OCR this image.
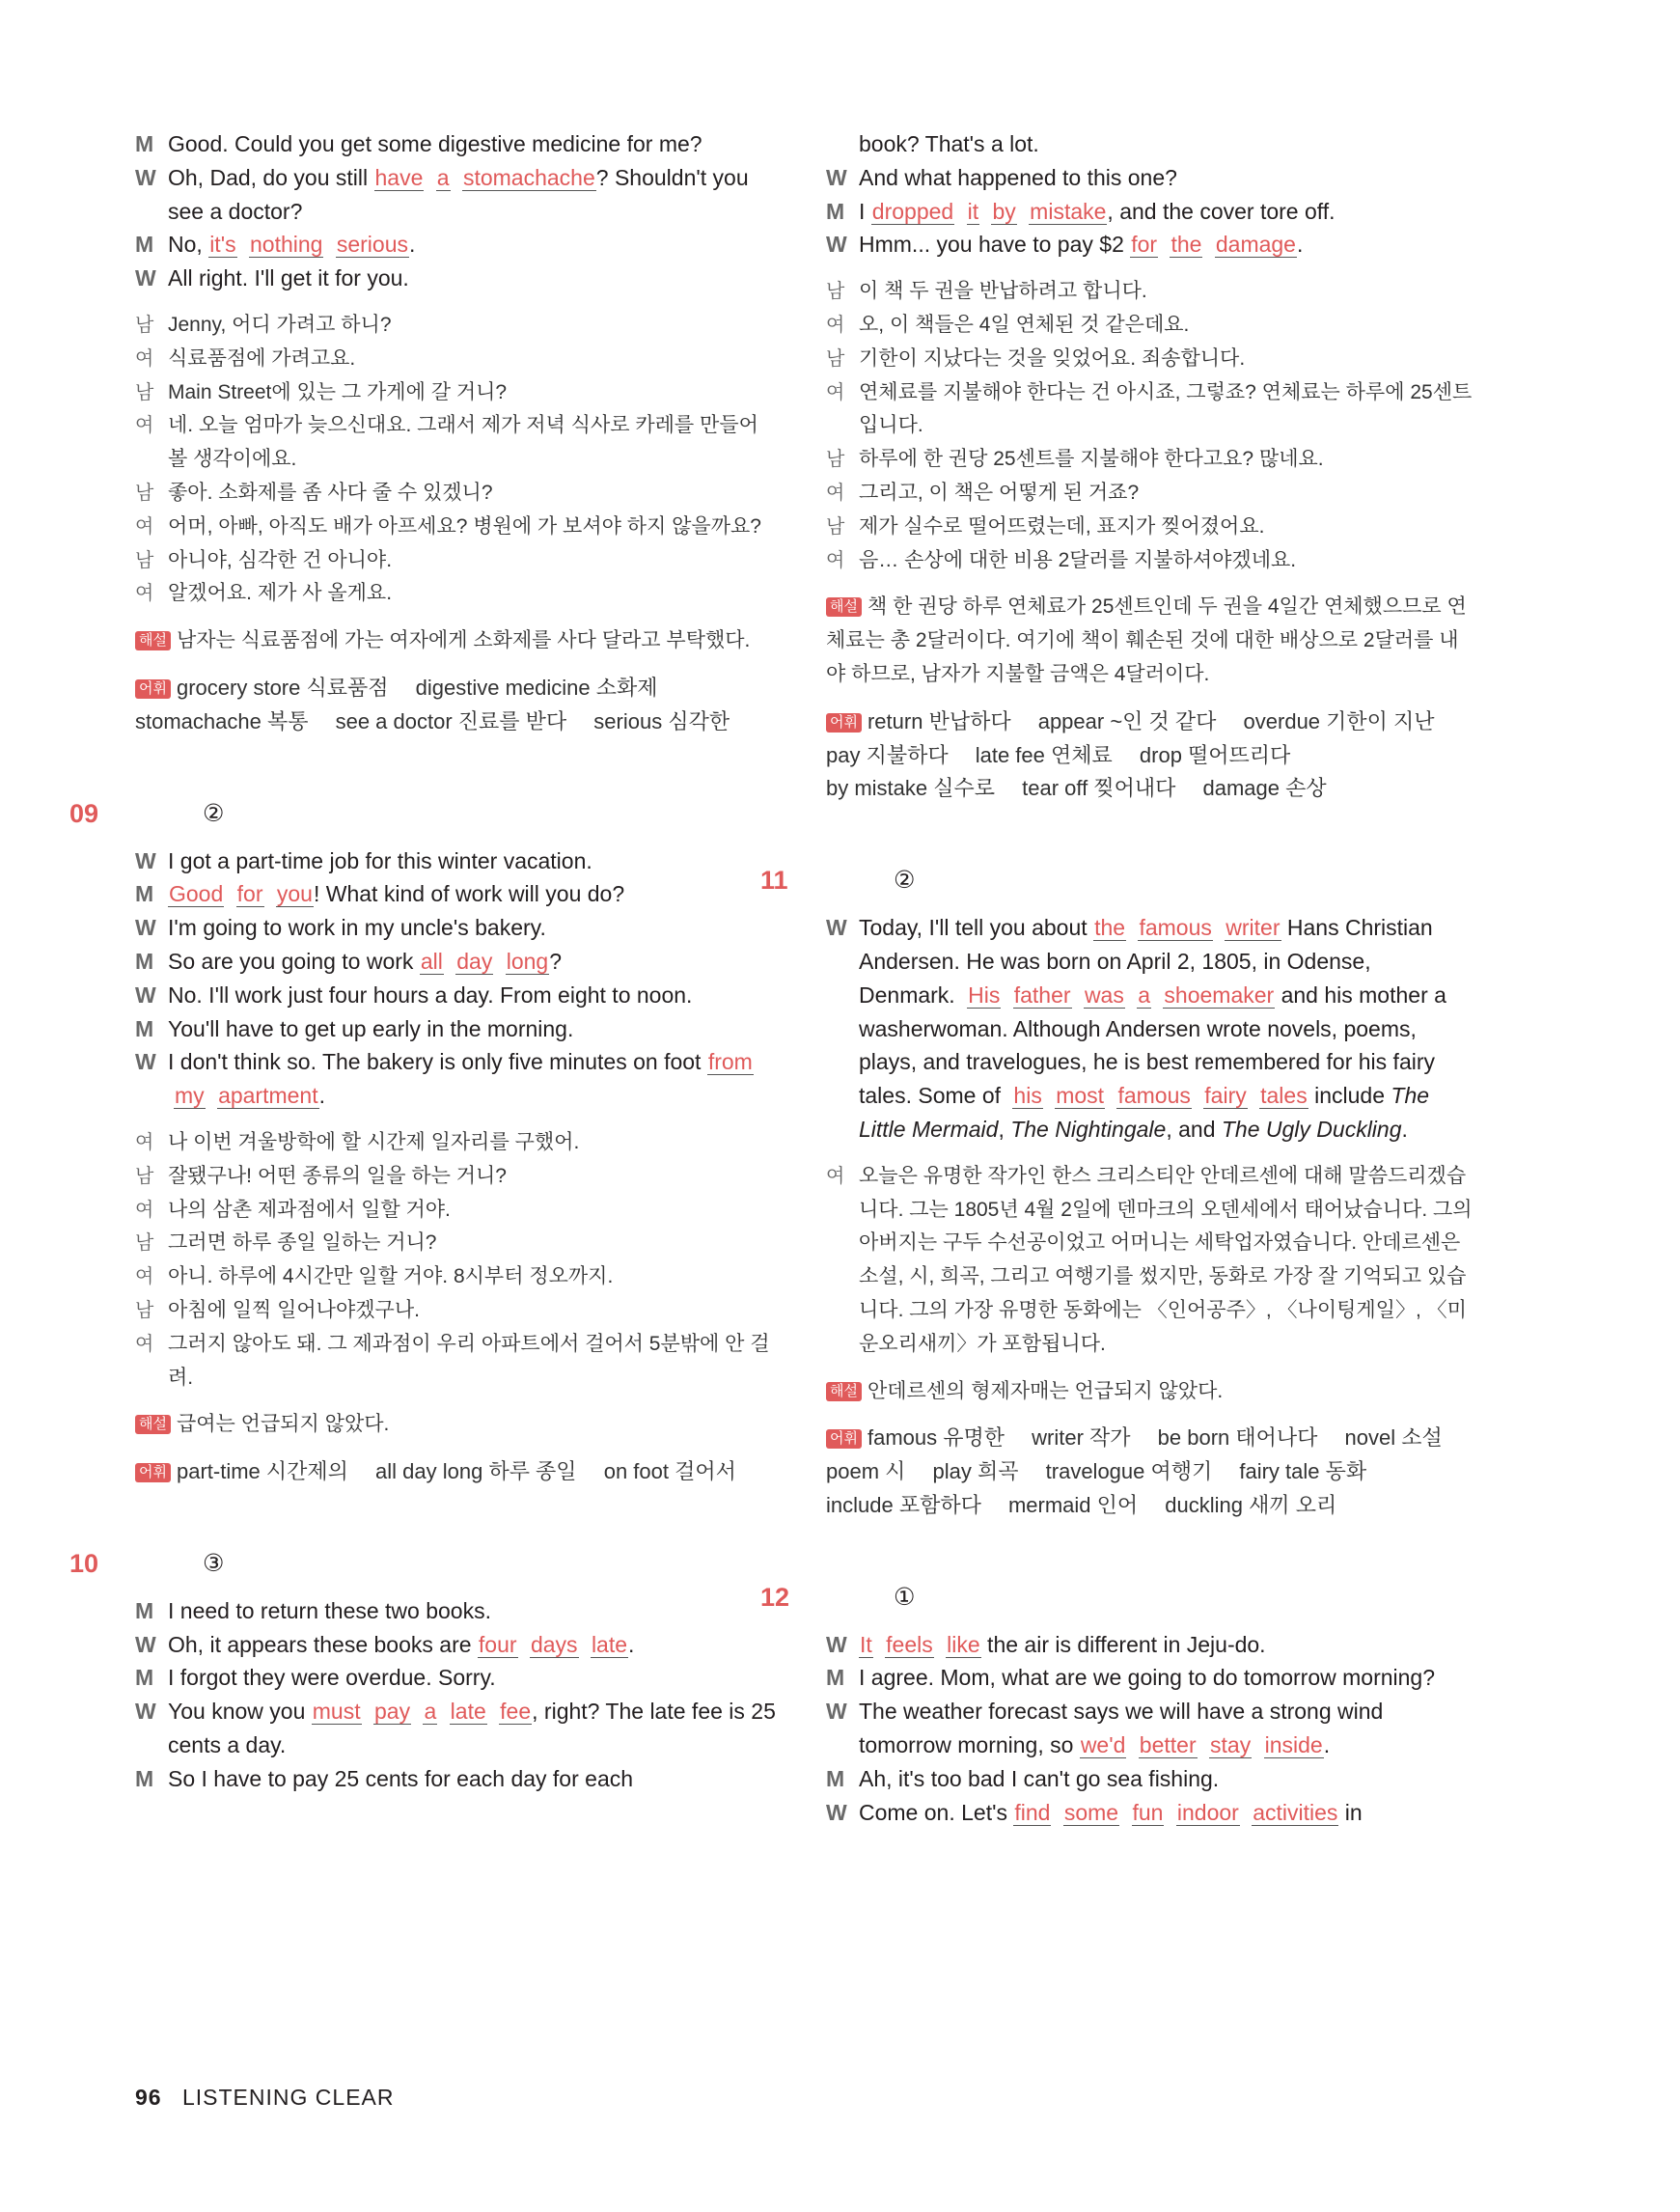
M Good. Could you get some digestive medicine for me?
W Oh, Dad, do you still have a stomachache? Shouldn't you see a doctor?
M No, it's nothing serious.
W All right. I'll get it for you.
남 Jenny, 어디 가려고 하니?
여 식료품점에 가려고요.
남 Main Street에 있는 그 가게에 갈 거니?
여 네. 오늘 엄마가 늦으신대요. 그래서 제가 저녁 식사로 카레를 만들어 볼 생각이에요.
남 좋아. 소화제를 좀 사다 줄 수 있겠니?
여 어머, 아빠, 아직도 배가 아프세요? 병원에 가 보셔야 하지 않을까요?
남 아니야, 심각한 건 아니야.
여 알겠어요. 제가 사 올게요.

해설 남자는 식료품점에 가는 여자에게 소화제를 사다 달라고 부탁했다.

어휘 grocery store 식료품점 digestive medicine 소화제 stomachache 복통 see a doctor 진료를 받다 serious 심각한

09	②
W I got a part-time job for this winter vacation.
M Good for you! What kind of work will you do?
W I'm going to work in my uncle's bakery.
M So are you going to work all day long?
W No. I'll work just four hours a day. From eight to noon.
M You'll have to get up early in the morning.
W I don't think so. The bakery is only five minutes on foot from my apartment.
여 나 이번 겨울방학에 할 시간제 일자리를 구했어.
남 잘됐구나! 어떤 종류의 일을 하는 거니?
여 나의 삼촌 제과점에서 일할 거야.
남 그러면 하루 종일 일하는 거니?
여 아니. 하루에 4시간만 일할 거야. 8시부터 정오까지.
남 아침에 일찍 일어나야겠구나.
여 그러지 않아도 돼. 그 제과점이 우리 아파트에서 걸어서 5분밖에 안 걸려.

해설 급여는 언급되지 않았다.

어휘 part-time 시간제의 all day long 하루 종일 on foot 걸어서

10	③
M I need to return these two books.
W Oh, it appears these books are four days late.
M I forgot they were overdue. Sorry.
W You know you must pay a late fee, right? The late fee is 25 cents a day.
M So I have to pay 25 cents for each day for each
book? That's a lot.
W And what happened to this one?
M I dropped it by mistake, and the cover tore off.
W Hmm... you have to pay $2 for the damage.
남 이 책 두 권을 반납하려고 합니다.
여 오, 이 책들은 4일 연체된 것 같은데요.
남 기한이 지났다는 것을 잊었어요. 죄송합니다.
여 연체료를 지불해야 한다는 건 아시죠, 그렇죠? 연체료는 하루에 25센트입니다.
남 하루에 한 권당 25센트를 지불해야 한다고요? 많네요.
여 그리고, 이 책은 어떻게 된 거죠?
남 제가 실수로 떨어뜨렸는데, 표지가 찢어졌어요.
여 음… 손상에 대한 비용 2달러를 지불하셔야겠네요.

해설 책 한 권당 하루 연체료가 25센트인데 두 권을 4일간 연체했으므로 연체료는 총 2달러이다. 여기에 책이 훼손된 것에 대한 배상으로 2달러를 내야 하므로, 남자가 지불할 금액은 4달러이다.

어휘 return 반납하다 appear ~인 것 같다 overdue 기한이 지난 pay 지불하다 late fee 연체료 drop 떨어뜨리다 by mistake 실수로 tear off 찢어내다 damage 손상

11	②
W Today, I'll tell you about the famous writer Hans Christian Andersen. He was born on April 2, 1805, in Odense, Denmark. His father was a shoemaker and his mother a washerwoman. Although Andersen wrote novels, poems, plays, and travelogues, he is best remembered for his fairy tales. Some of his most famous fairy tales include The Little Mermaid, The Nightingale, and The Ugly Duckling.
여 오늘은 유명한 작가인 한스 크리스티안 안데르센에 대해 말씀드리겠습니다. 그는 1805년 4월 2일에 덴마크의 오덴세에서 태어났습니다. 그의 아버지는 구두 수선공이었고 어머니는 세탁업자였습니다. 안데르센은 소설, 시, 희곡, 그리고 여행기를 썼지만, 동화로 가장 잘 기억되고 있습니다. 그의 가장 유명한 동화에는 〈인어공주〉, 〈나이팅게일〉, 〈미운오리새끼〉가 포함됩니다.

해설 안데르센의 형제자매는 언급되지 않았다.

어휘 famous 유명한 writer 작가 be born 태어나다 novel 소설 poem 시 play 희곡 travelogue 여행기 fairy tale 동화 include 포함하다 mermaid 인어 duckling 새끼 오리

12	①
W It feels like the air is different in Jeju-do.
M I agree. Mom, what are we going to do tomorrow morning?
W The weather forecast says we will have a strong wind tomorrow morning, so we'd better stay inside.
M Ah, it's too bad I can't go sea fishing.
W Come on. Let's find some fun indoor activities in
96 LISTENING CLEAR
